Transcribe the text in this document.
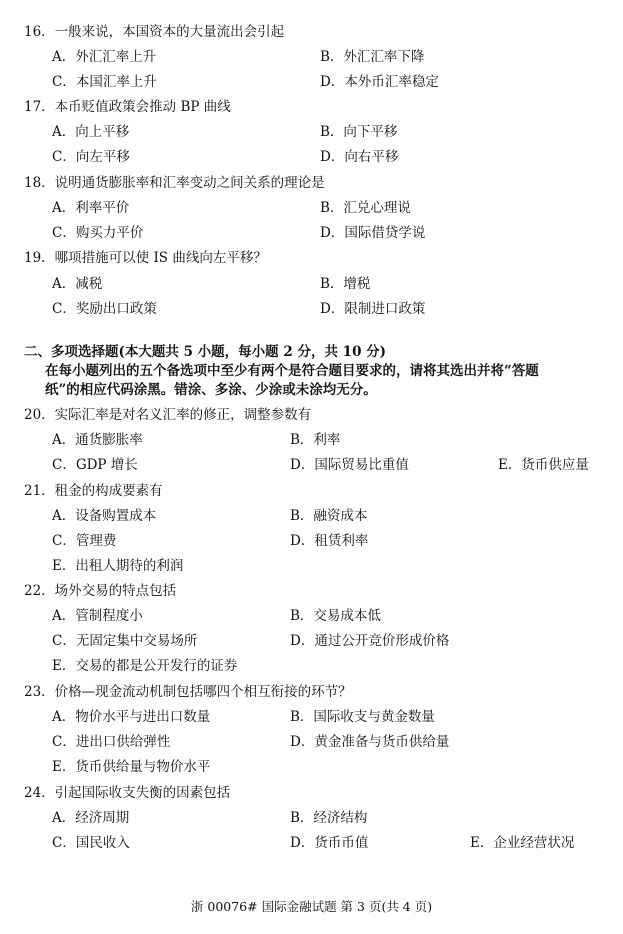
16．一般来说，本国资本的大量流出会引起
A．外汇汇率上升	B．外汇汇率下降
C．本国汇率上升	D．本外币汇率稳定
17．本币贬值政策会推动 BP 曲线
A．向上平移	B．向下平移
C．向左平移	D．向右平移
18．说明通货膨胀率和汇率变动之间关系的理论是
A．利率平价	B．汇兑心理说
C．购买力平价	D．国际借贷学说
19．哪项措施可以使 IS 曲线向左平移？
A．减税	B．增税
C．奖励出口政策	D．限制进口政策
二、多项选择题(本大题共 5 小题，每小题 2 分，共 10 分)
在每小题列出的五个备选项中至少有两个是符合题目要求的，请将其选出并将“答题
纸”的相应代码涂黑。错涂、多涂、少涂或未涂均无分。
20．实际汇率是对名义汇率的修正，调整参数有
A．通货膨胀率	B．利率
C．GDP 增长	D．国际贸易比重值	E．货币供应量
21．租金的构成要素有
A．设备购置成本	B．融资成本
C．管理费	D．租赁利率
E．出租人期待的利润
22．场外交易的特点包括
A．管制程度小	B．交易成本低
C．无固定集中交易场所	D．通过公开竞价形成价格
E．交易的都是公开发行的证券
23．价格—现金流动机制包括哪四个相互衔接的环节？
A．物价水平与进出口数量	B．国际收支与黄金数量
C．进出口供给弹性	D．黄金准备与货币供给量
E．货币供给量与物价水平
24．引起国际收支失衡的因素包括
A．经济周期	B．经济结构
C．国民收入	D．货币币值	E．企业经营状况
浙 00076# 国际金融试题 第 3 页(共 4 页)
